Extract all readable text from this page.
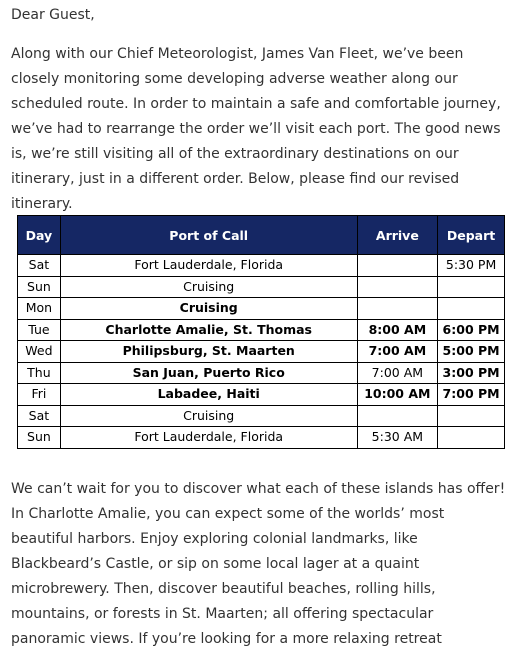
Dear Guest,

Along with our Chief Meteorologist, James Van Fleet, we’ve been closely monitoring some developing adverse weather along our scheduled route. In order to maintain a safe and comfortable journey, we’ve had to rearrange the order we’ll visit each port. The good news is, we’re still visiting all of the extraordinary destinations on our itinerary, just in a different order. Below, please find our revised itinerary.

Day	Port of Call	Arrive	Depart
Sat	Fort Lauderdale, Florida		5:30 PM
Sun	Cruising		
Mon	Cruising		
Tue	Charlotte Amalie, St. Thomas	8:00 AM	6:00 PM
Wed	Philipsburg, St. Maarten	7:00 AM	5:00 PM
Thu	San Juan, Puerto Rico	7:00 AM	3:00 PM
Fri	Labadee, Haiti	10:00 AM	7:00 PM
Sat	Cruising		
Sun	Fort Lauderdale, Florida	5:30 AM	

We can’t wait for you to discover what each of these islands has offer! In Charlotte Amalie, you can expect some of the worlds’ most beautiful harbors. Enjoy exploring colonial landmarks, like Blackbeard’s Castle, or sip on some local lager at a quaint microbrewery. Then, discover beautiful beaches, rolling hills, mountains, or forests in St. Maarten; all offering spectacular panoramic views. If you’re looking for a more relaxing retreat
